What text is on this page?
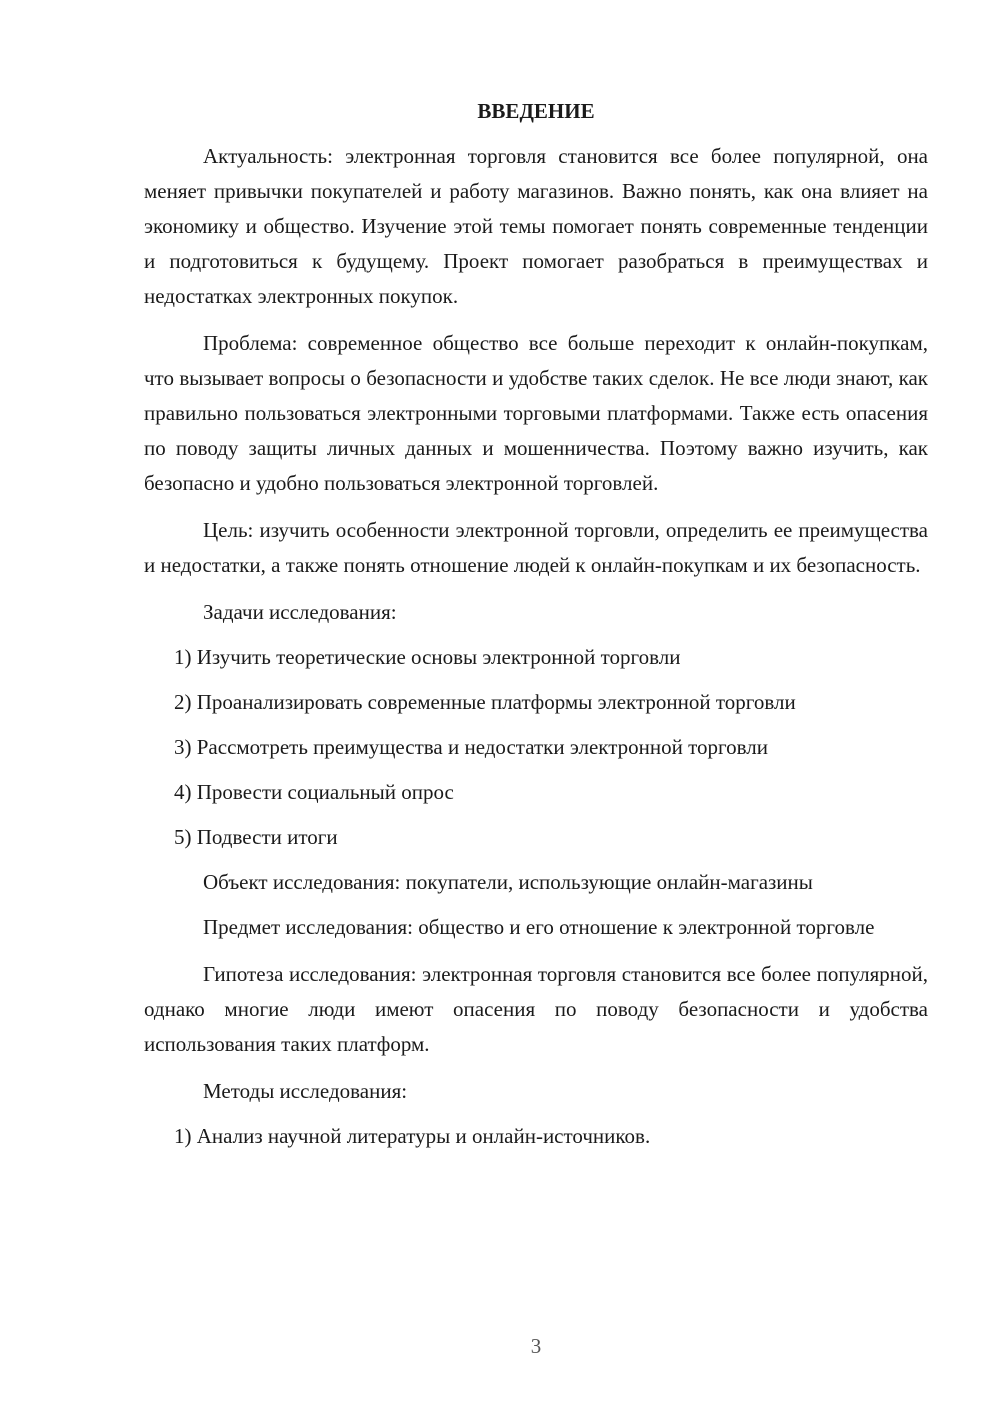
ВВЕДЕНИЕ

Актуальность: электронная торговля становится все более популярной, она меняет привычки покупателей и работу магазинов. Важно понять, как она влияет на экономику и общество. Изучение этой темы помогает понять современные тенденции и подготовиться к будущему. Проект помогает разобраться в преимуществах и недостатках электронных покупок.

Проблема: современное общество все больше переходит к онлайн-покупкам, что вызывает вопросы о безопасности и удобстве таких сделок. Не все люди знают, как правильно пользоваться электронными торговыми платформами. Также есть опасения по поводу защиты личных данных и мошенничества. Поэтому важно изучить, как безопасно и удобно пользоваться электронной торговлей.

Цель: изучить особенности электронной торговли, определить ее преимущества и недостатки, а также понять отношение людей к онлайн-покупкам и их безопасность.

Задачи исследования:
1) Изучить теоретические основы электронной торговли
2) Проанализировать современные платформы электронной торговли
3) Рассмотреть преимущества и недостатки электронной торговли
4) Провести социальный опрос
5) Подвести итоги
Объект исследования: покупатели, использующие онлайн-магазины

Предмет исследования: общество и его отношение к электронной торговле

Гипотеза исследования: электронная торговля становится все более популярной, однако многие люди имеют опасения по поводу безопасности и удобства использования таких платформ.

Методы исследования:
1) Анализ научной литературы и онлайн-источников.
3
